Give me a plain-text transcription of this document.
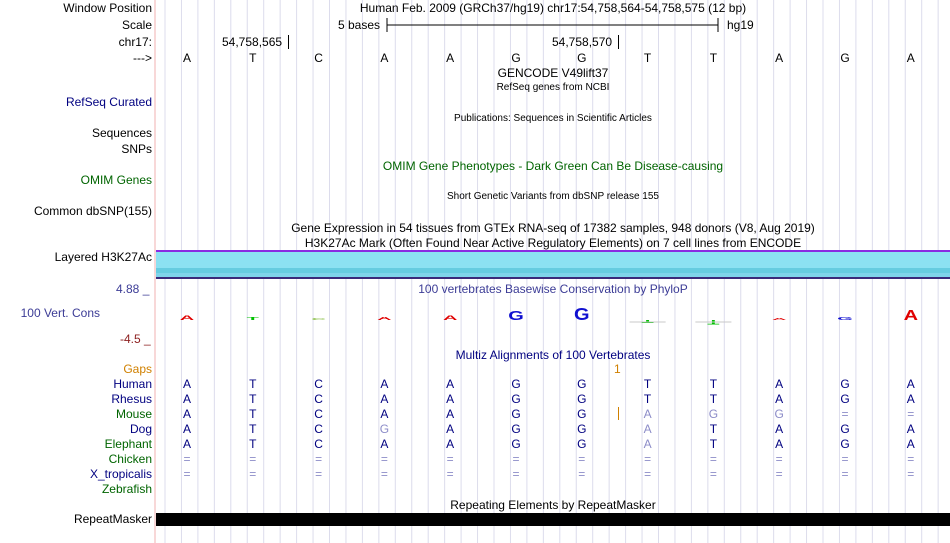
Window Position	Human Feb. 2009 (GRCh37/hg19) chr17:54,758,564-54,758,575 (12 bp)
Scale	5 bases	hg19
chr17:	54,758,565	54,758,570
--->	A	T	C	A	A	G	G	T	T	A	G	A
GENCODE V49lift37
RefSeq genes from NCBI
RefSeq Curated
Publications: Sequences in Scientific Articles
Sequences
SNPs
OMIM Gene Phenotypes - Dark Green Can Be Disease-causing
OMIM Genes
Short Genetic Variants from dbSNP release 155
Common dbSNP(155)
Gene Expression in 54 tissues from GTEx RNA-seq of 17382 samples, 948 donors (V8, Aug 2019)
H3K27Ac Mark (Often Found Near Active Regulatory Elements) on 7 cell lines from ENCODE
Layered H3K27Ac
100 vertebrates Basewise Conservation by PhyloP
4.88 _
100 Vert. Cons
-4.5 _
A	T	C	A	A	G	G	T	T	A	G	A
Multiz Alignments of 100 Vertebrates
Gaps	1
Human	A	T	C	A	A	G	G	T	T	A	G	A
Rhesus	A	T	C	A	A	G	G	T	T	A	G	A
Mouse	A	T	C	A	A	G	G	A	G	G	=	=
Dog	A	T	C	G	A	G	G	A	T	A	G	A
Elephant	A	T	C	A	A	G	G	A	T	A	G	A
Chicken	=	=	=	=	=	=	=	=	=	=	=	=
X_tropicalis	=	=	=	=	=	=	=	=	=	=	=	=
Zebrafish
Repeating Elements by RepeatMasker
RepeatMasker
